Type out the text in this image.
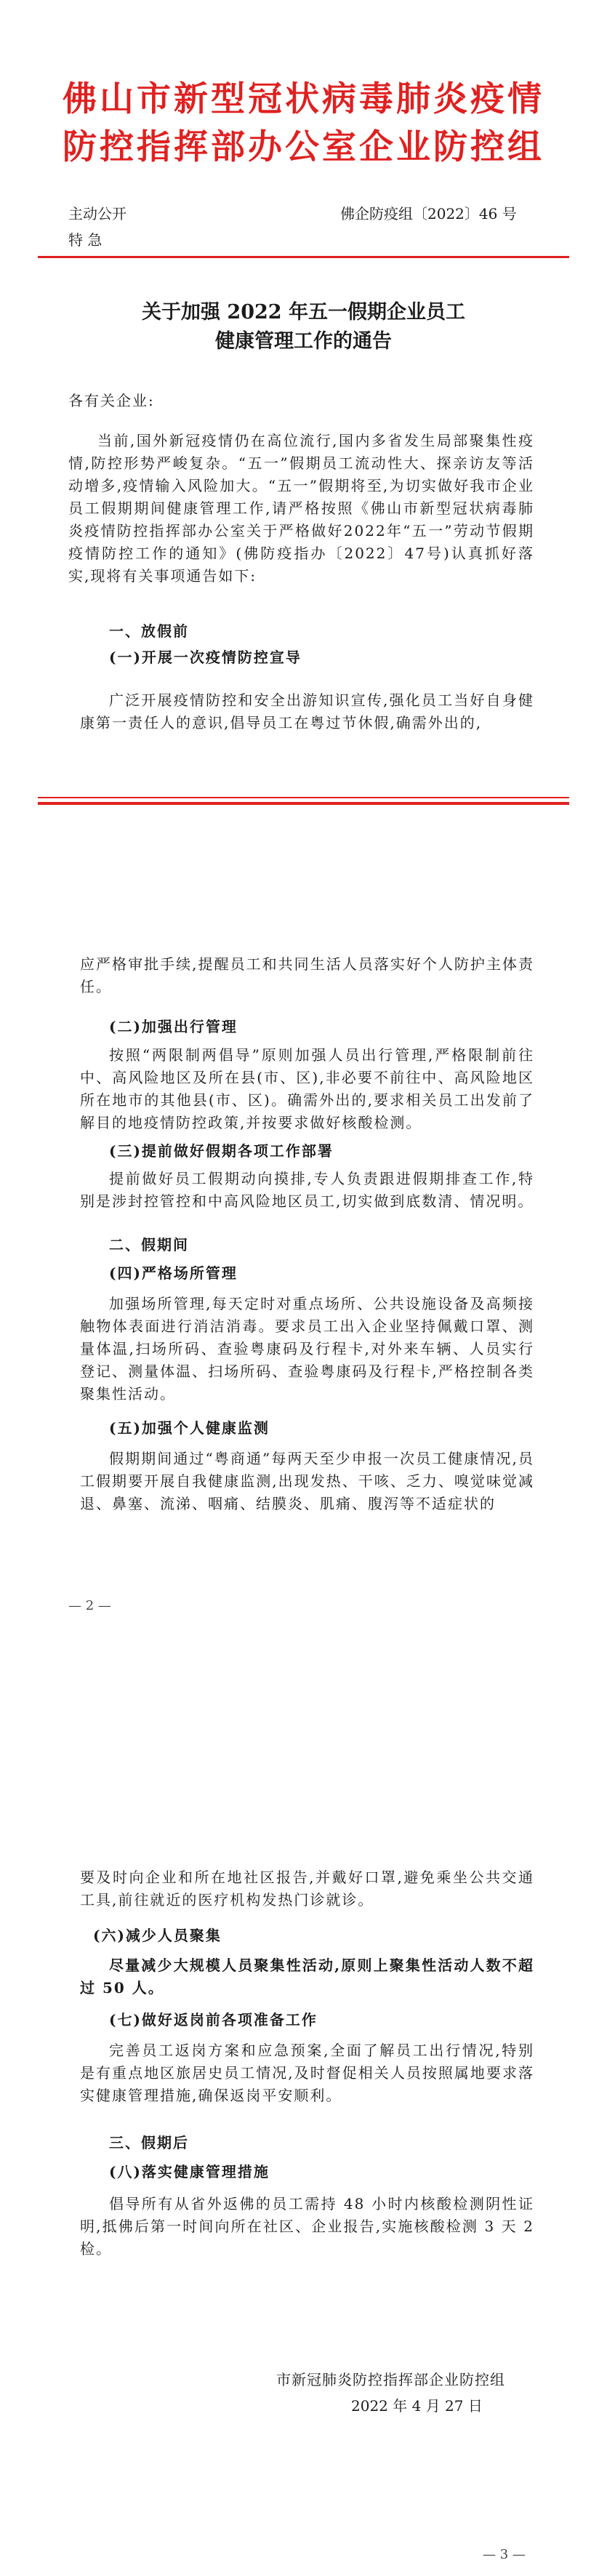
佛山市新型冠状病毒肺炎疫情
防控指挥部办公室企业防控组
主动公开	佛企防疫组〔2022〕46 号
特 急
关于加强 2022 年五一假期企业员工
健康管理工作的通告
各有关企业:
当前,国外新冠疫情仍在高位流行,国内多省发生局部聚集性疫情,防控形势严峻复杂。“五一”假期员工流动性大、探亲访友等活动增多,疫情输入风险加大。“五一”假期将至,为切实做好我市企业员工假期期间健康管理工作,请严格按照《佛山市新型冠状病毒肺炎疫情防控指挥部办公室关于严格做好2022年“五一”劳动节假期疫情防控工作的通知》(佛防疫指办〔2022〕47号)认真抓好落实,现将有关事项通告如下:
一、放假前
(一)开展一次疫情防控宣导
广泛开展疫情防控和安全出游知识宣传,强化员工当好自身健康第一责任人的意识,倡导员工在粤过节休假,确需外出的,
应严格审批手续,提醒员工和共同生活人员落实好个人防护主体责任。
(二)加强出行管理
按照“两限制两倡导”原则加强人员出行管理,严格限制前往中、高风险地区及所在县(市、区),非必要不前往中、高风险地区所在地市的其他县(市、区)。确需外出的,要求相关员工出发前了解目的地疫情防控政策,并按要求做好核酸检测。
(三)提前做好假期各项工作部署
提前做好员工假期动向摸排,专人负责跟进假期排查工作,特别是涉封控管控和中高风险地区员工,切实做到底数清、情况明。
二、假期间
(四)严格场所管理
加强场所管理,每天定时对重点场所、公共设施设备及高频接触物体表面进行消洁消毒。要求员工出入企业坚持佩戴口罩、测量体温,扫场所码、查验粤康码及行程卡,对外来车辆、人员实行登记、测量体温、扫场所码、查验粤康码及行程卡,严格控制各类聚集性活动。
(五)加强个人健康监测
假期期间通过“粤商通”每两天至少申报一次员工健康情况,员工假期要开展自我健康监测,出现发热、干咳、乏力、嗅觉味觉减退、鼻塞、流涕、咽痛、结膜炎、肌痛、腹泻等不适症状的
— 2 —
要及时向企业和所在地社区报告,并戴好口罩,避免乘坐公共交通工具,前往就近的医疗机构发热门诊就诊。
(六)减少人员聚集
尽量减少大规模人员聚集性活动,原则上聚集性活动人数不超过 50 人。
(七)做好返岗前各项准备工作
完善员工返岗方案和应急预案,全面了解员工出行情况,特别是有重点地区旅居史员工情况,及时督促相关人员按照属地要求落实健康管理措施,确保返岗平安顺利。
三、假期后
(八)落实健康管理措施
倡导所有从省外返佛的员工需持 48 小时内核酸检测阴性证明,抵佛后第一时间向所在社区、企业报告,实施核酸检测 3 天 2 检。
市新冠肺炎防控指挥部企业防控组
2022 年 4 月 27 日
— 3 —
